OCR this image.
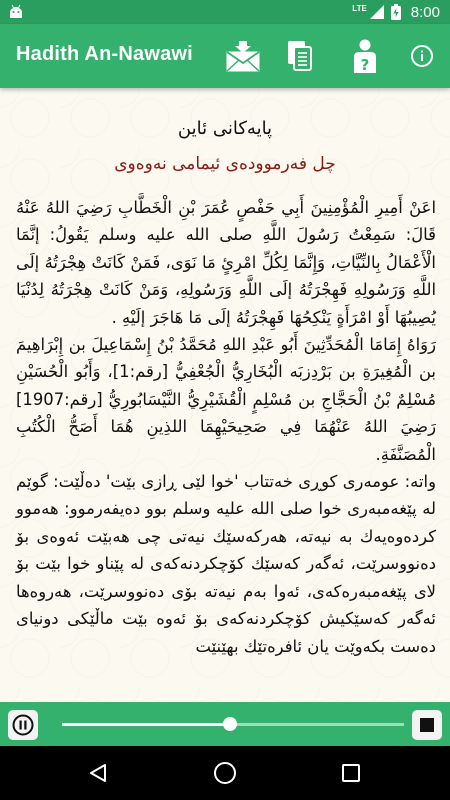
LTE	8:00
Hadith An-Nawawi	?
پایەکانی ئاین
چل فەرموودەی ئیمامی نەوەوی

اعَنْ أَمِيرِ الْمُؤْمِنِينَ أَبِي حَفْصٍ عُمَرَ بْنِ الْخَطَّابِ رَضِيَ اللهُ عَنْهُ قَالَ: سَمِعْتُ رَسُولَ اللَّهِ صلى الله عليه وسلم يَقُولُ: إنَّمَا الْأَعْمَالُ بِالنِّيَّاتِ، وَإِنَّمَا لِكُلِّ امْرِئٍ مَا نَوَى، فَمَنْ كَانَتْ هِجْرَتُهُ إلَى اللَّهِ وَرَسُولِهِ فَهِجْرَتُهُ إلَى اللَّهِ وَرَسُولِهِ، وَمَنْ كَانَتْ هِجْرَتُهُ لِدُنْيَا يُصِيبُهَا أَوْ امْرَأَةٍ يَنْكِحُهَا فَهِجْرَتُهُ إلَى مَا هَاجَرَ إلَيْهِ .

رَوَاهُ إِمَامَا الْمُحَدِّثِينَ أَبُو عَبْدِ اللهِ مُحَمَّدُ بْنُ إِسْمَاعِيلَ بن إِبْرَاهِيمَ بن الْمُغِيرَةِ بن بَرْدِزبَه الْبُخَارِيُّ الْجُعْفِيُّ [رقم:1]، وَأَبُو الْحُسَيْنِ مُسْلِمٌ بْنُ الْحَجَّاجِ بن مُسْلِمٍ الْقُشَيْرِيُّ النَّيْسَابُورِيُّ [رقم:1907] رَضِيَ اللهُ عَنْهُمَا فِي صَحِيحَيْهِمَا اللذِينِ هُمَا أَصَحُّ الْكُتُبِ الْمُصَنَّفَةِ.

واتە: عومەری کوڕی خەتتاب 'خوا لێی ڕازی بێت' دەڵێت: گوێم لە پێغەمبەری خوا صلى الله عليه وسلم بوو دەیفەرموو: هەموو کردەوەیەك بە نیەتە، هەرکەسێك نیەتی چی هەبێت ئەوەی بۆ دەنووسرێت، ئەگەر کەسێك کۆچکردنەکەی لە پێناو خوا بێت بۆ لای پێغەمبەرەکەی، ئەوا بەم نیەتە بۆی دەنووسرێت، هەروەها ئەگەر کەسێکیش کۆچکردنەکەی بۆ ئەوە بێت ماڵێکی دونیای دەست بکەوێت یان ئافرەتێك بهێنێت
